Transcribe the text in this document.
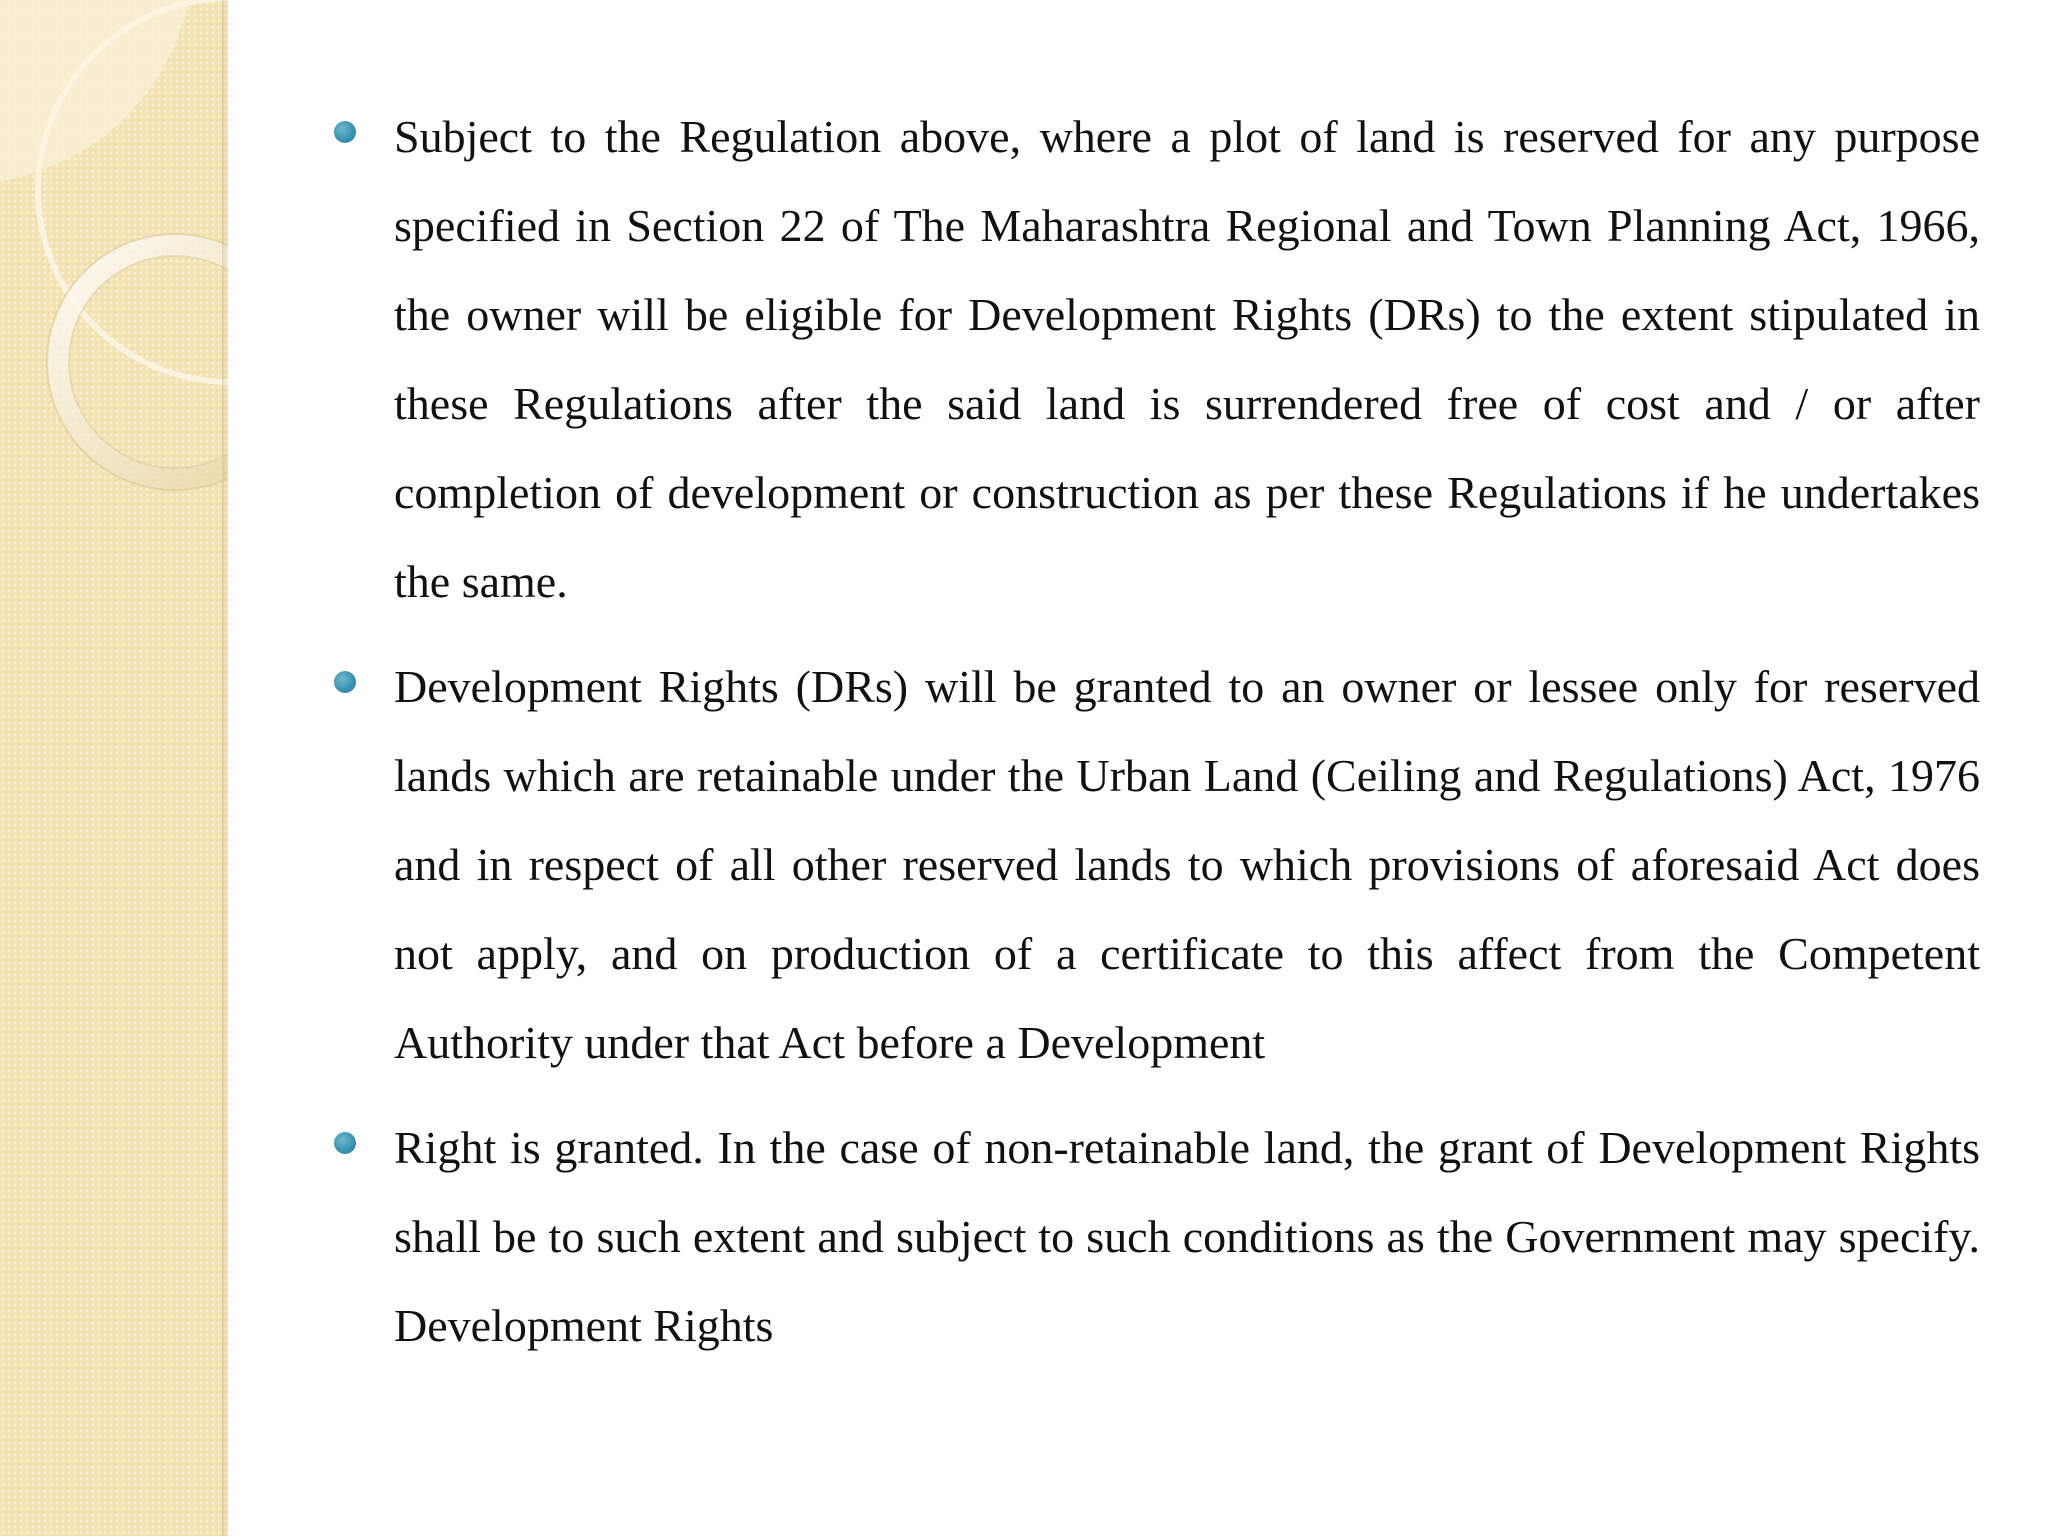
Subject to the Regulation above, where a plot of land is reserved for any purpose specified in Section 22 of The Maharashtra Regional and Town Planning Act, 1966, the owner will be eligible for Development Rights (DRs) to the extent stipulated in these Regulations after the said land is surrendered free of cost and / or after completion of development or construction as per these Regulations if he undertakes the same.
Development Rights (DRs) will be granted to an owner or lessee only for reserved lands which are retainable under the Urban Land (Ceiling and Regulations) Act, 1976 and in respect of all other reserved lands to which provisions of aforesaid Act does not apply, and on production of a certificate to this affect from the Competent Authority under that Act before a Development
Right is granted. In the case of non-retainable land, the grant of Development Rights shall be to such extent and subject to such conditions as the Government may specify. Development Rights
